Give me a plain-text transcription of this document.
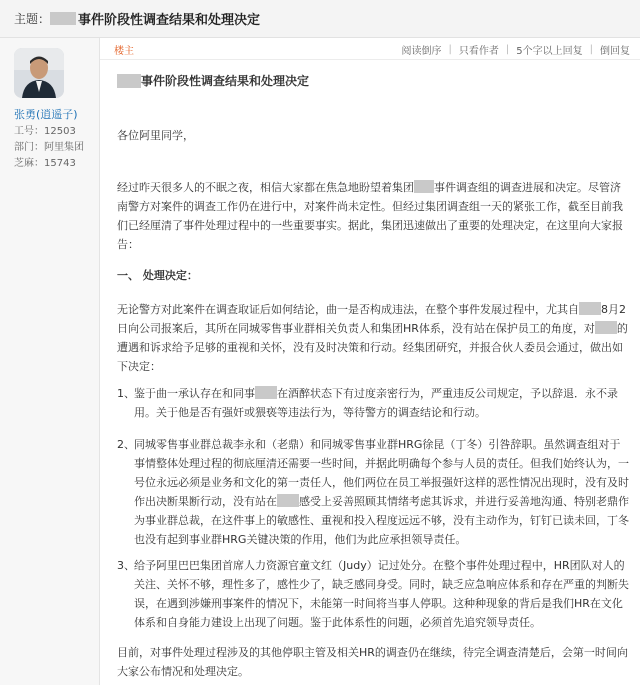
主题： 事件阶段性调查结果和处理决定
张勇(逍遥子)
工号：12503
部门：阿里集团
芝麻：15743
楼主	阅读倒序 | 只看作者 | 5个字以上回复 | 倒回复
事件阶段性调查结果和处理决定

各位阿里同学，

经过昨天很多人的不眠之夜，相信大家都在焦急地盼望着集团 事件调查组的调查进展和决定。尽管济南警方对案件的调查工作仍在进行中，对案件尚未定性。但经过集团调查组一天的紧张工作，截至目前我们已经厘清了事件处理过程中的一些重要事实。据此，集团迅速做出了重要的处理决定，在这里向大家报告：

一、 处理决定：

无论警方对此案件在调查取证后如何结论，曲一是否构成违法，在整个事件发展过程中，尤其自 8月2日向公司报案后，其所在同城零售事业群相关负责人和集团HR体系，没有站在保护员工的角度，对 的遭遇和诉求给予足够的重视和关怀，没有及时决策和行动。经集团研究，并报合伙人委员会通过，做出如下决定：

1、 鉴于曲一承认存在和同事 在酒醉状态下有过度亲密行为，严重违反公司规定，予以辞退．永不录用。关于他是否有强奸或猥亵等违法行为，等待警方的调查结论和行动。

2、 同城零售事业群总裁李永和（老鼎）和同城零售事业群HRG徐昆（丁冬）引咎辞职。虽然调查组对于事情整体处理过程的彻底厘清还需要一些时间，并据此明确每个参与人员的责任。但我们始终认为，一号位永远必须是业务和文化的第一责任人，他们两位在员工举报强奸这样的恶性情况出现时，没有及时作出决断果断行动，没有站在 感受上妥善照顾其情绪考虑其诉求，并进行妥善地沟通、特别老鼎作为事业群总裁，在这件事上的敏感性、重视和投入程度远远不够，没有主动作为，钉钉已读未回，丁冬也没有起到事业群HRG关键决策的作用，他们为此应承担领导责任。

3、 给予阿里巴巴集团首席人力资源官童文红（Judy）记过处分。在整个事件处理过程中，HR团队对人的关注、关怀不够，理性多了，感性少了，缺乏感同身受。同时，缺乏应急响应体系和存在严重的判断失误，在遇到涉嫌刑事案件的情况下，未能第一时间将当事人停职。这种种现象的背后是我们HR在文化体系和自身能力建设上出现了问题。鉴于此体系性的问题，必须首先追究领导责任。

目前，对事件处理过程涉及的其他停职主管及相关HR的调查仍在继续，待完全调查清楚后，会第一时间向大家公布情况和处理决定。
